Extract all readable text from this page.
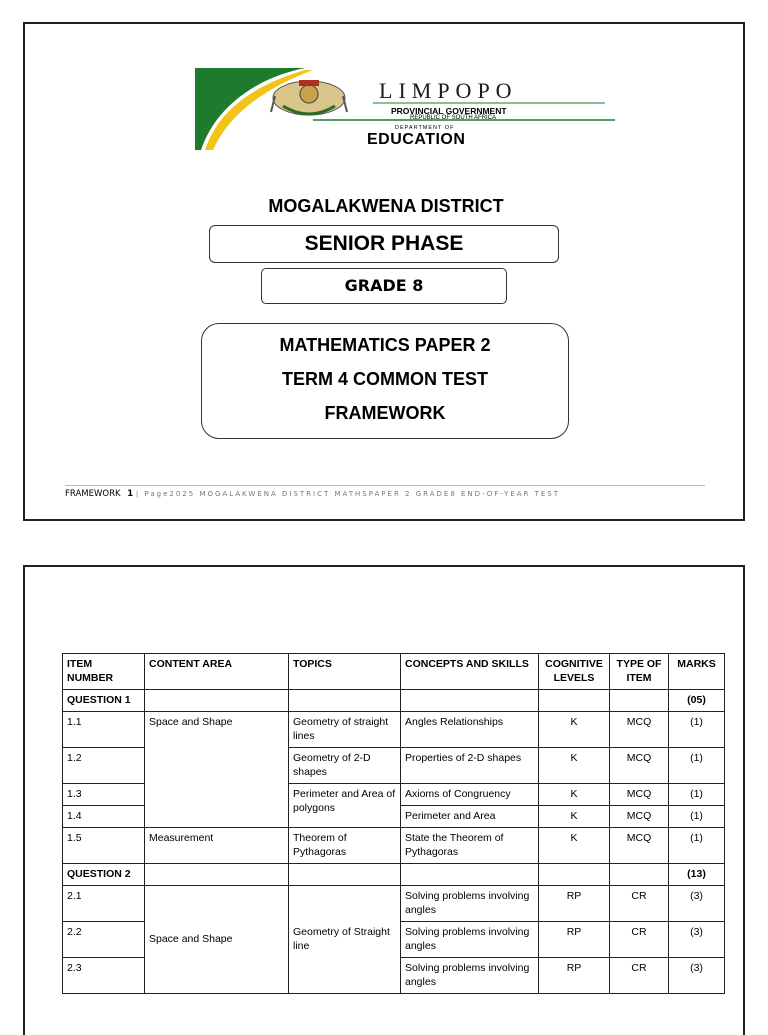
LIMPOPO
PROVINCIAL GOVERNMENT
REPUBLIC OF SOUTH AFRICA
DEPARTMENT OF
EDUCATION
MOGALAKWENA DISTRICT
SENIOR PHASE
GRADE 8
MATHEMATICS PAPER 2
TERM 4 COMMON TEST
FRAMEWORK
FRAMEWORK 1 | Page2025 MOGALAKWENA DISTRICT MATHSPAPER 2 GRADE8 END-OF-YEAR TEST
ITEM NUMBER	CONTENT AREA	TOPICS	CONCEPTS AND SKILLS	COGNITIVE LEVELS	TYPE OF ITEM	MARKS
QUESTION 1						(05)
1.1	Space and Shape	Geometry of straight lines	Angles Relationships	K	MCQ	(1)
1.2		Geometry of 2-D shapes	Properties of 2-D shapes	K	MCQ	(1)
1.3		Perimeter and Area of polygons	Axioms of Congruency	K	MCQ	(1)
1.4			Perimeter and Area	K	MCQ	(1)
1.5	Measurement	Theorem of Pythagoras	State the Theorem of Pythagoras	K	MCQ	(1)
QUESTION 2						(13)
2.1	Space and Shape	Geometry of Straight line	Solving problems involving angles	RP	CR	(3)
2.2			Solving problems involving angles	RP	CR	(3)
2.3			Solving problems involving angles	RP	CR	(3)
